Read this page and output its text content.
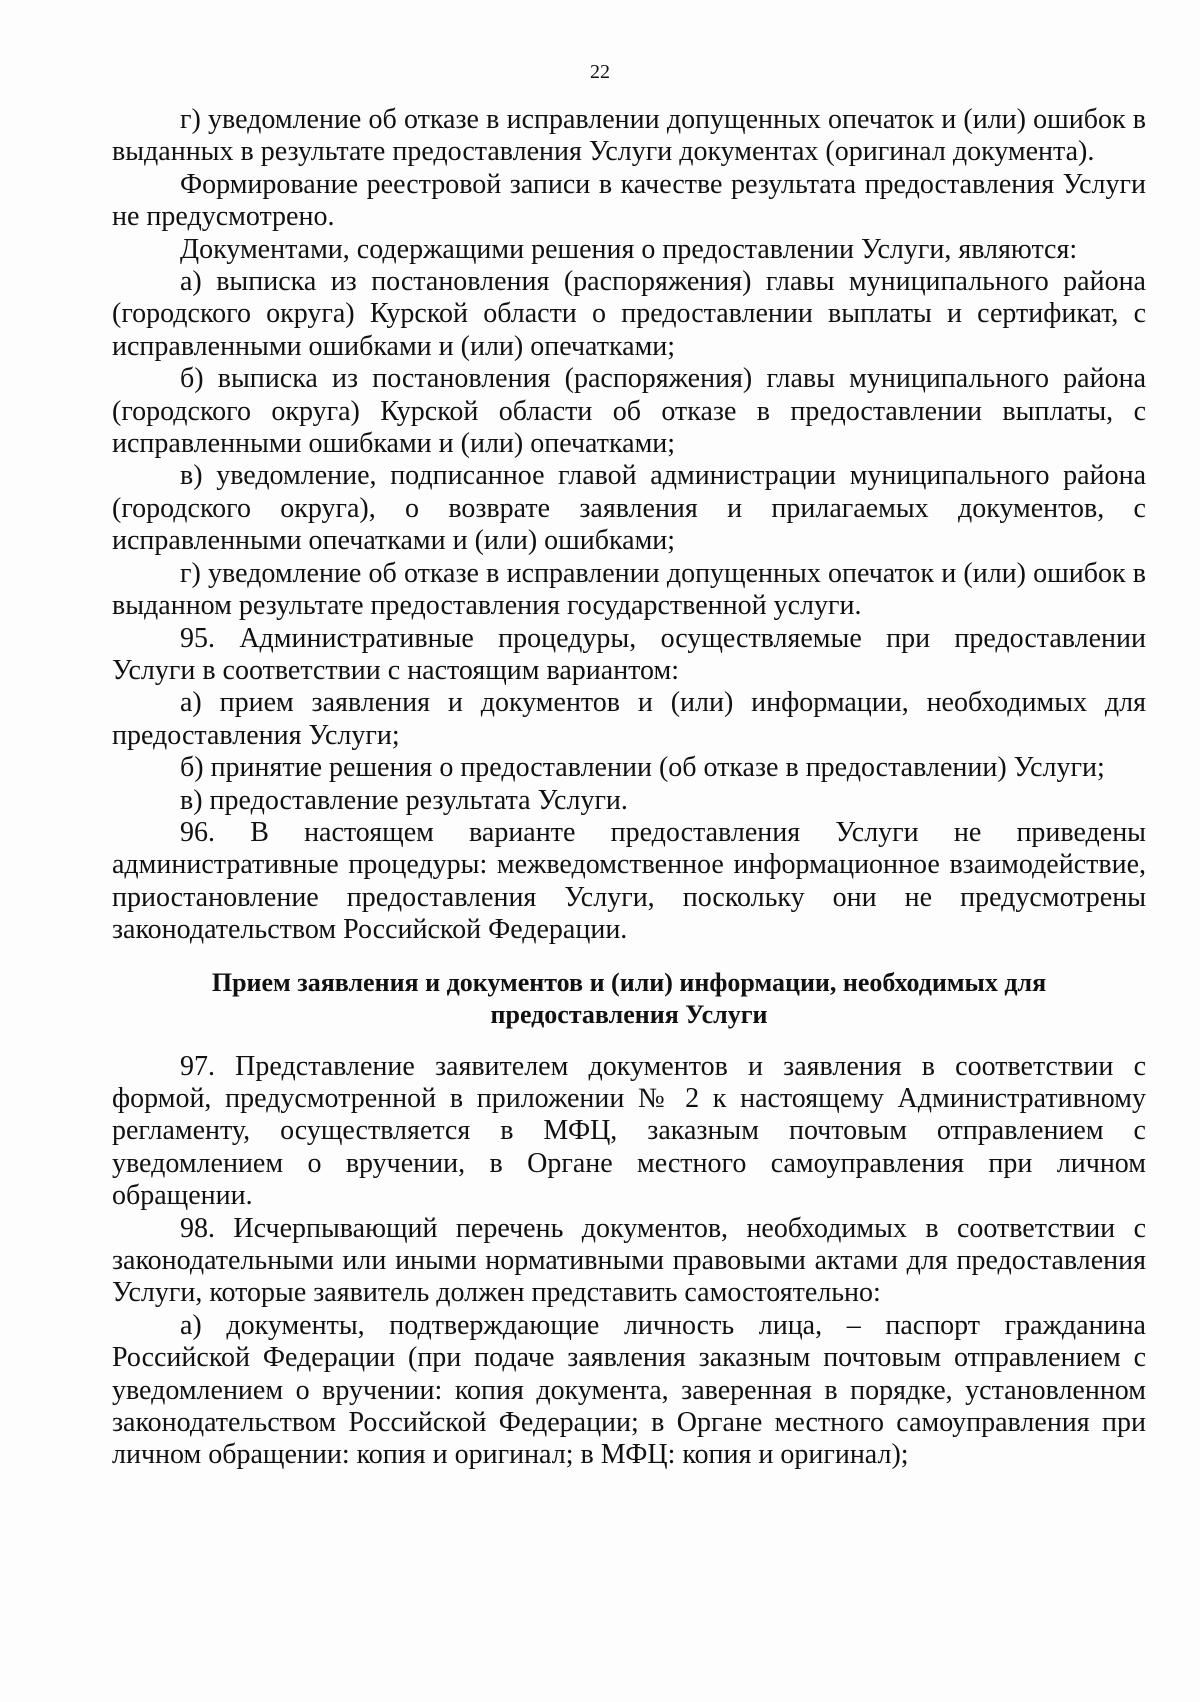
22

г) уведомление об отказе в исправлении допущенных опечаток и (или) ошибок в выданных в результате предоставления Услуги документах (оригинал документа).

Формирование реестровой записи в качестве результата предоставления Услуги не предусмотрено.

Документами, содержащими решения о предоставлении Услуги, являются:

а) выписка из постановления (распоряжения) главы муниципального района (городского округа) Курской области о предоставлении выплаты и сертификат, с исправленными ошибками и (или) опечатками;

б) выписка из постановления (распоряжения) главы муниципального района (городского округа) Курской области об отказе в предоставлении выплаты, с исправленными ошибками и (или) опечатками;

в) уведомление, подписанное главой администрации муниципального района (городского округа), о возврате заявления и прилагаемых документов, с исправленными опечатками и (или) ошибками;

г) уведомление об отказе в исправлении допущенных опечаток и (или) ошибок в выданном результате предоставления государственной услуги.

95. Административные процедуры, осуществляемые при предоставлении Услуги в соответствии с настоящим вариантом:

а) прием заявления и документов и (или) информации, необходимых для предоставления Услуги;

б) принятие решения о предоставлении (об отказе в предоставлении) Услуги;

в) предоставление результата Услуги.

96. В настоящем варианте предоставления Услуги не приведены административные процедуры: межведомственное информационное взаимодействие, приостановление предоставления Услуги, поскольку они не предусмотрены законодательством Российской Федерации.

Прием заявления и документов и (или) информации, необходимых для предоставления Услуги

97. Представление заявителем документов и заявления в соответствии с формой, предусмотренной в приложении № 2 к настоящему Административному регламенту, осуществляется в МФЦ, заказным почтовым отправлением с уведомлением о вручении, в Органе местного самоуправления при личном обращении.

98. Исчерпывающий перечень документов, необходимых в соответствии с законодательными или иными нормативными правовыми актами для предоставления Услуги, которые заявитель должен представить самостоятельно:

а) документы, подтверждающие личность лица, – паспорт гражданина Российской Федерации (при подаче заявления заказным почтовым отправлением с уведомлением о вручении: копия документа, заверенная в порядке, установленном законодательством Российской Федерации; в Органе местного самоуправления при личном обращении: копия и оригинал; в МФЦ: копия и оригинал);
